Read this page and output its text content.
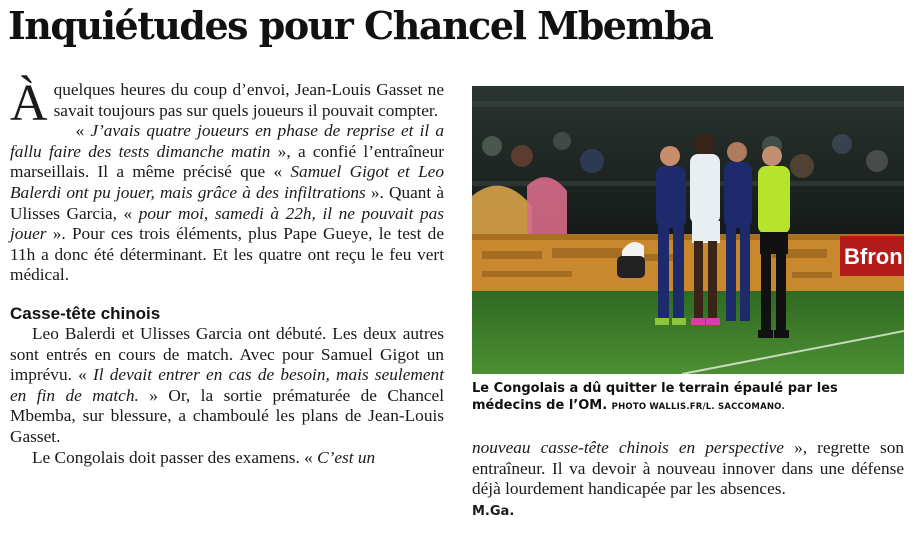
Inquiétudes pour Chancel Mbemba

Àquelques heures du coup d’envoi, Jean-Louis Gasset ne savait toujours pas sur quels joueurs il pouvait compter.

« J’avais quatre joueurs en phase de reprise et il a fallu faire des tests dimanche matin », a confié l’entraîneur marseillais. Il a même précisé que « Samuel Gigot et Leo Balerdi ont pu jouer, mais grâce à des infiltrations ». Quant à Ulisses Garcia, « pour moi, samedi à 22h, il ne pouvait pas jouer ». Pour ces trois éléments, plus Pape Gueye, le test de 11h a donc été déterminant. Et les quatre ont reçu le feu vert médical.

Casse-tête chinois

Leo Balerdi et Ulisses Garcia ont débuté. Les deux autres sont entrés en cours de match. Avec pour Samuel Gigot un imprévu. « Il devait entrer en cas de besoin, mais seulement en fin de match. » Or, la sortie prématurée de Chancel Mbemba, sur blessure, a chamboulé les plans de Jean-Louis Gasset.

Le Congolais doit passer des examens. « C’est un

Bfron
Le Congolais a dû quitter le terrain épaulé par les médecins de l’OM. PHOTO WALLIS.FR/L. SACCOMANO.

nouveau casse-tête chinois en perspective », regrette son entraîneur. Il va devoir à nouveau innover dans une défense déjà lourdement handicapée par les absences.

M.Ga.
